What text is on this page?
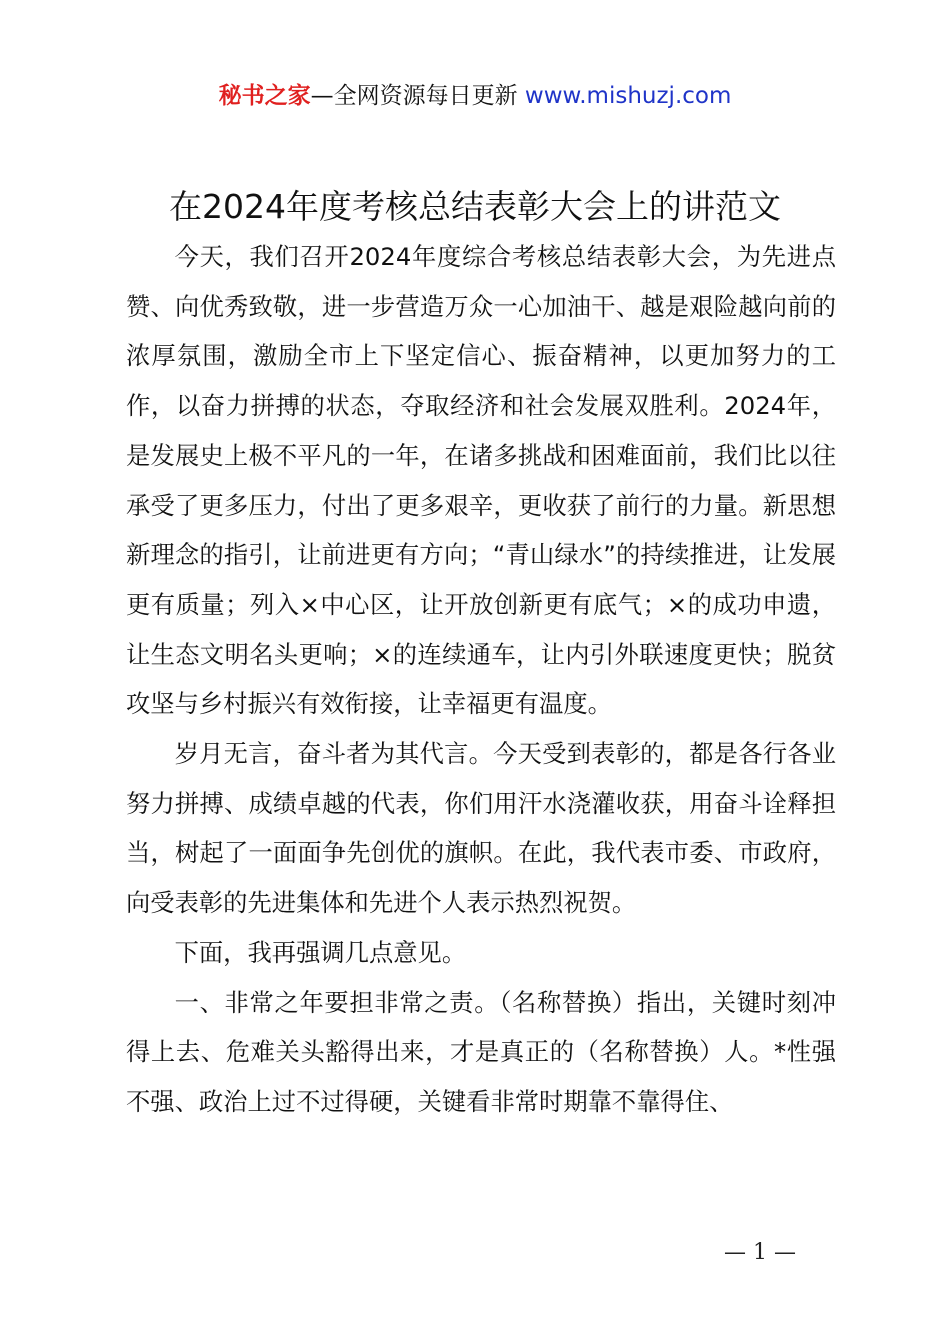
秘书之家—全网资源每日更新 www.mishuzj.com
在2024年度考核总结表彰大会上的讲范文

今天，我们召开2024年度综合考核总结表彰大会，为先进点赞、向优秀致敬，进一步营造万众一心加油干、越是艰险越向前的浓厚氛围，激励全市上下坚定信心、振奋精神，以更加努力的工作，以奋力拼搏的状态，夺取经济和社会发展双胜利。2024年，是发展史上极不平凡的一年，在诸多挑战和困难面前，我们比以往承受了更多压力，付出了更多艰辛，更收获了前行的力量。新思想新理念的指引，让前进更有方向；“青山绿水”的持续推进，让发展更有质量；列入×中心区，让开放创新更有底气；×的成功申遗，让生态文明名头更响；×的连续通车，让内引外联速度更快；脱贫攻坚与乡村振兴有效衔接，让幸福更有温度。

岁月无言，奋斗者为其代言。今天受到表彰的，都是各行各业努力拼搏、成绩卓越的代表，你们用汗水浇灌收获，用奋斗诠释担当，树起了一面面争先创优的旗帜。在此，我代表市委、市政府，向受表彰的先进集体和先进个人表示热烈祝贺。

下面，我再强调几点意见。

一、非常之年要担非常之责。（名称替换）指出，关键时刻冲得上去、危难关头豁得出来，才是真正的（名称替换）人。*性强不强、政治上过不过得硬，关键看非常时期靠不靠得住、

— 1 —
